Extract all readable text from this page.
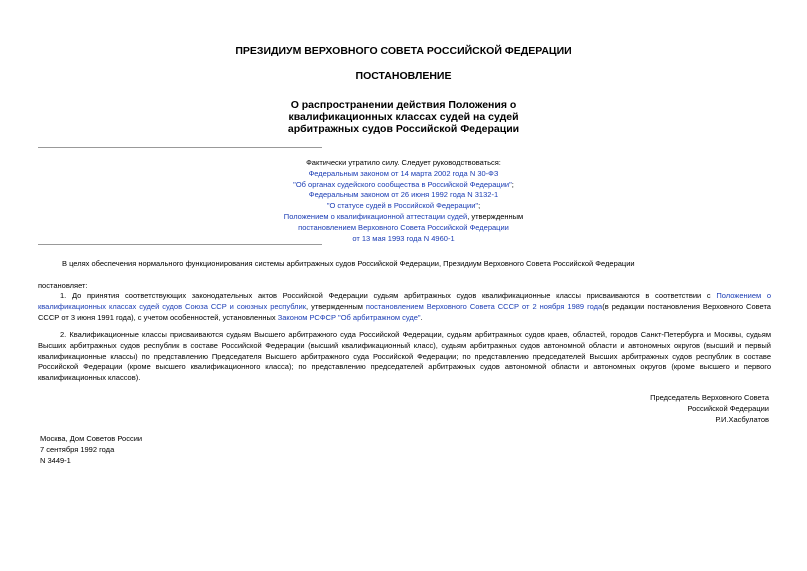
ПРЕЗИДИУМ ВЕРХОВНОГО СОВЕТА РОССИЙСКОЙ ФЕДЕРАЦИИ
ПОСТАНОВЛЕНИЕ
О распространении действия Положения о
квалификационных классах судей на судей
арбитражных судов Российской Федерации
Фактически утратило силу. Следует руководствоваться:
Федеральным законом от 14 марта 2002 года N 30-ФЗ
"Об органах судейского сообщества в Российской Федерации";
Федеральным законом от 26 июня 1992 года N 3132-1
"О статусе судей в Российской Федерации";
Положением о квалификационной аттестации судей, утвержденным
постановлением Верховного Совета Российской Федерации
от 13 мая 1993 года N 4960-1
В целях обеспечения нормального функционирования системы арбитражных судов Российской Федерации, Президиум Верховного Совета Российской Федерации
постановляет:
1. До принятия соответствующих законодательных актов Российской Федерации судьям арбитражных судов квалификационные классы присваиваются в соответствии с Положением о квалификационных классах судей судов Союза ССР и союзных республик, утвержденным постановлением Верховного Совета СССР от 2 ноября 1989 года(в редакции постановления Верховного Совета СССР от 3 июня 1991 года), с учетом особенностей, установленных Законом РСФСР "Об арбитражном суде".
2. Квалификационные классы присваиваются судьям Высшего арбитражного суда Российской Федерации, судьям арбитражных судов краев, областей, городов Санкт-Петербурга и Москвы, судьям Высших арбитражных судов республик в составе Российской Федерации (высший квалификационный класс), судьям арбитражных судов автономной области и автономных округов (высший и первый квалификационные классы) по представлению Председателя Высшего арбитражного суда Российской Федерации; по представлению председателей Высших арбитражных судов республик в составе Российской Федерации (кроме высшего квалификационного класса); по представлению председателей арбитражных судов автономной области и автономных округов (кроме высшего и первого квалификационных классов).
Председатель Верховного Совета
Российской Федерации
Р.И.Хасбулатов
Москва, Дом Советов России
7 сентября 1992 года
N 3449-1
